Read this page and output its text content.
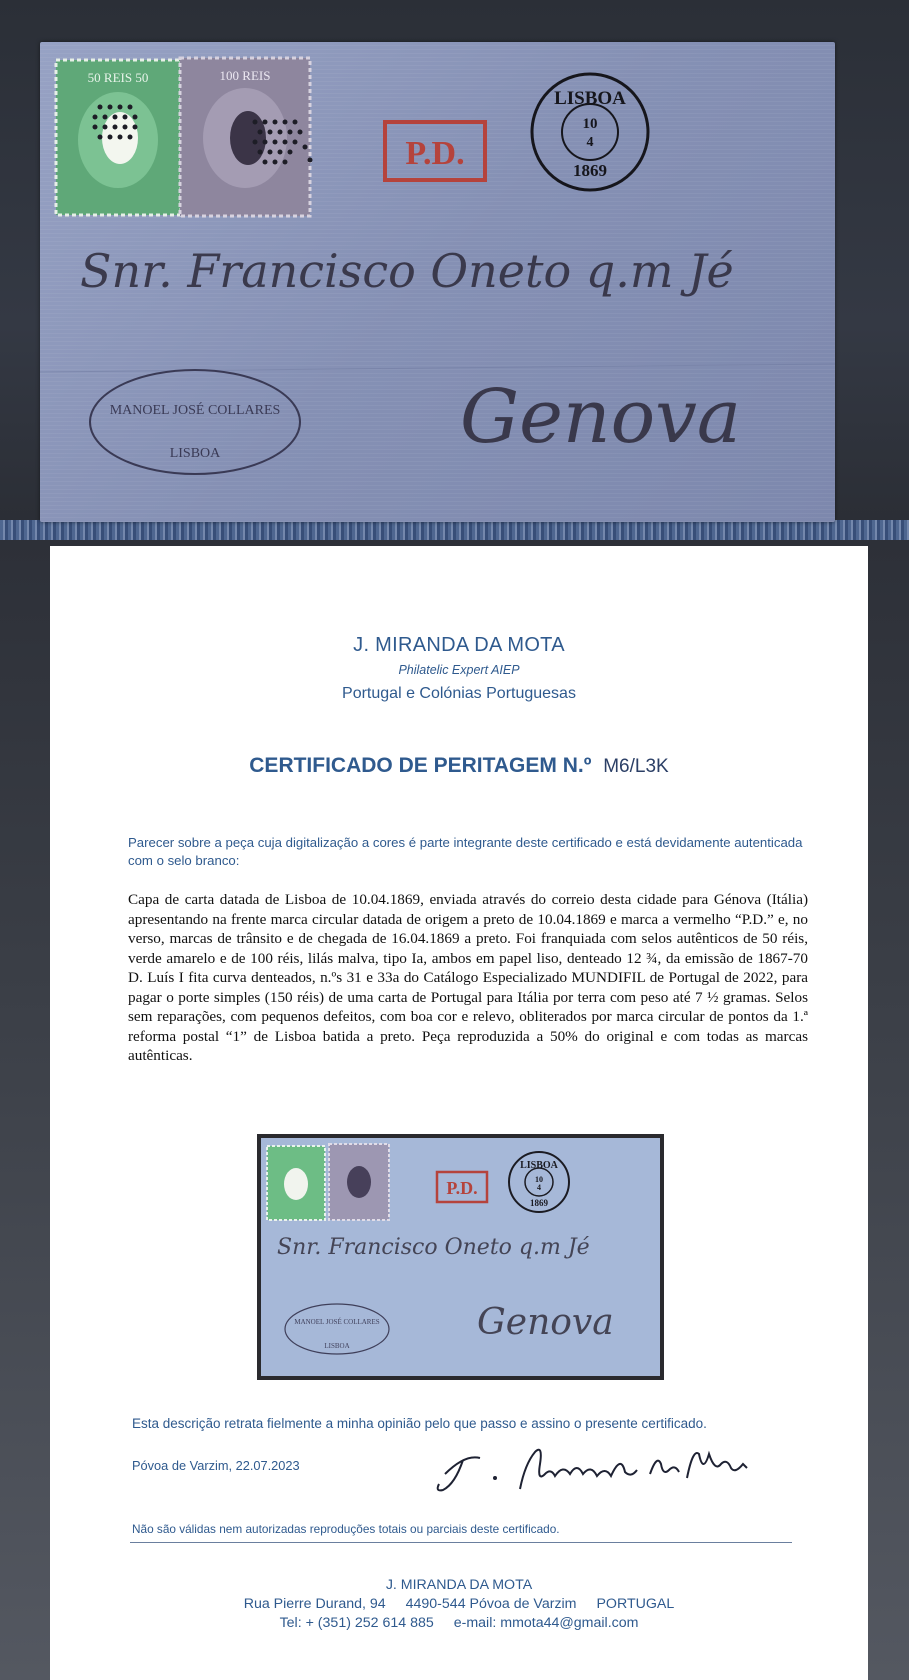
50 REIS 50	100 REIS
P.D.
LISBOA
10
4
1869
Snr. Francisco Oneto q.m Jé
Genova
MANOEL JOSÉ COLLARES
LISBOA
J. MIRANDA DA MOTA
Philatelic Expert AIEP
Portugal e Colónias Portuguesas
CERTIFICADO DE PERITAGEM N.º M6/L3K
Parecer sobre a peça cuja digitalização a cores é parte integrante deste certificado e está devidamente autenticada com o selo branco:
Capa de carta datada de Lisboa de 10.04.1869, enviada através do correio desta cidade para Génova (Itália) apresentando na frente marca circular datada de origem a preto de 10.04.1869 e marca a vermelho “P.D.” e, no verso, marcas de trânsito e de chegada de 16.04.1869 a preto. Foi franquiada com selos autênticos de 50 réis, verde amarelo e de 100 réis, lilás malva, tipo Ia, ambos em papel liso, denteado 12 ¾, da emissão de 1867-70 D. Luís I fita curva denteados, n.ºs 31 e 33a do Catálogo Especializado MUNDIFIL de Portugal de 2022, para pagar o porte simples (150 réis) de uma carta de Portugal para Itália por terra com peso até 7 ½ gramas. Selos sem reparações, com pequenos defeitos, com boa cor e relevo, obliterados por marca circular de pontos da 1.ª reforma postal “1” de Lisboa batida a preto. Peça reproduzida a 50% do original e com todas as marcas autênticas.
P.D.
LISBOA
10
4
1869
Snr. Francisco Oneto q.m Jé
Genova
MANOEL JOSÉ COLLARES
LISBOA
Esta descrição retrata fielmente a minha opinião pelo que passo e assino o presente certificado.
Póvoa de Varzim, 22.07.2023
Não são válidas nem autorizadas reproduções totais ou parciais deste certificado.
J. MIRANDA DA MOTA
Rua Pierre Durand, 94 4490-544 Póvoa de Varzim PORTUGAL
Tel: + (351) 252 614 885 e-mail: mmota44@gmail.com
